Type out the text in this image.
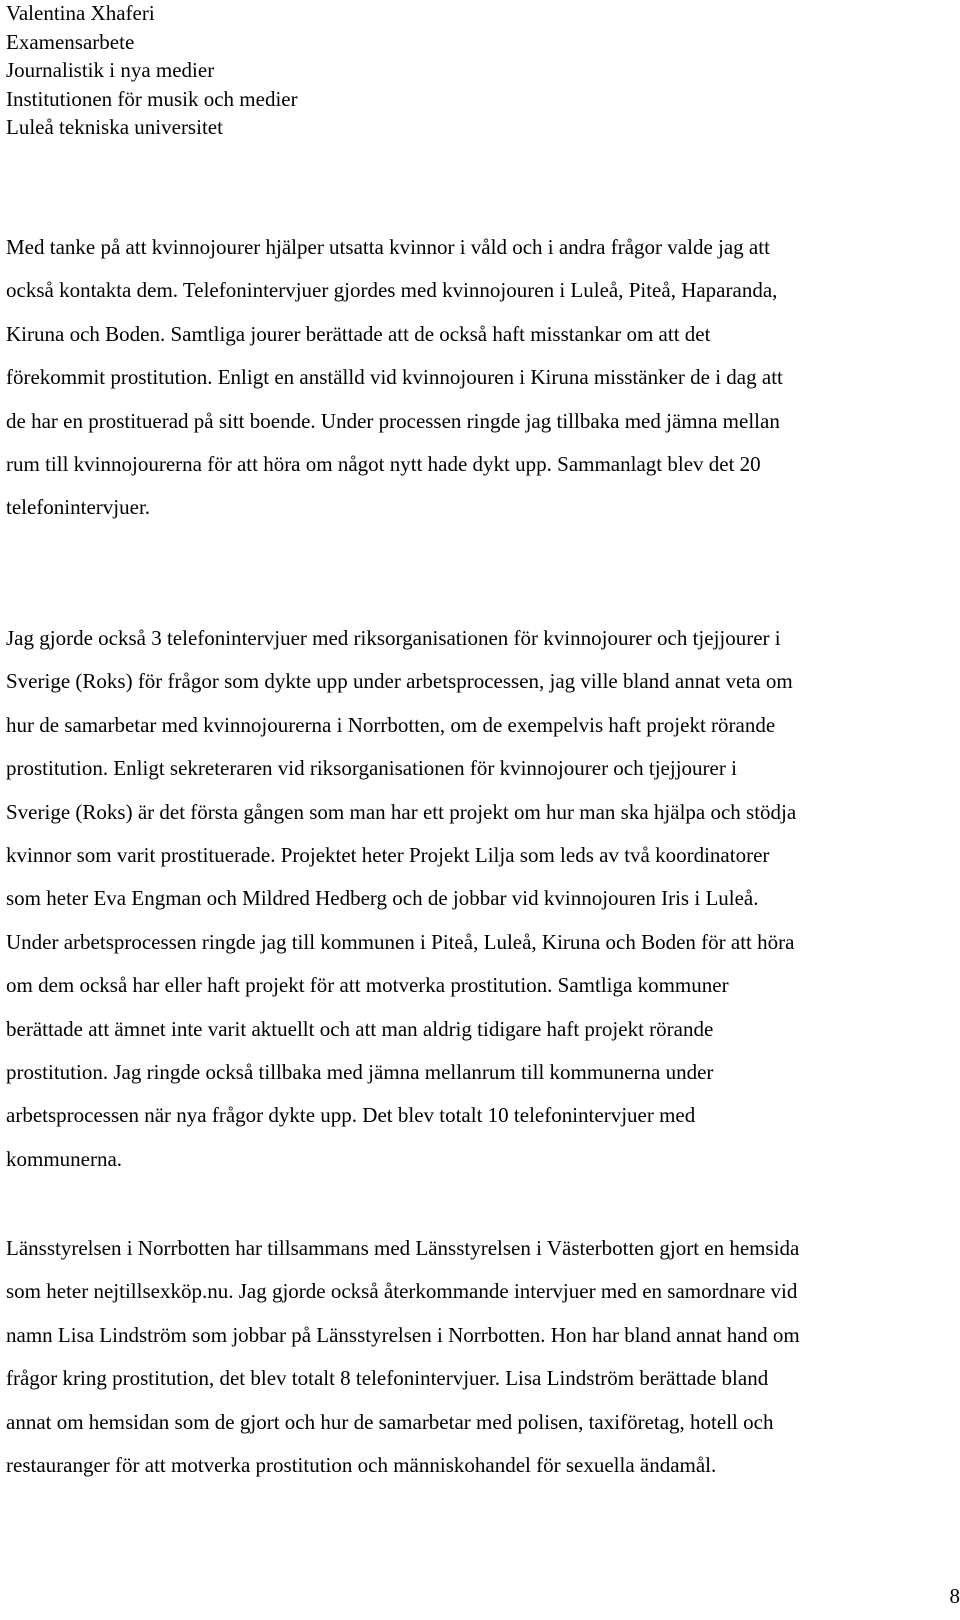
Valentina Xhaferi
Examensarbete
Journalistik i nya medier
Institutionen för musik och medier
Luleå tekniska universitet

Med tanke på att kvinnojourer hjälper utsatta kvinnor i våld och i andra frågor valde jag att
också kontakta dem. Telefonintervjuer gjordes med kvinnojouren i Luleå, Piteå, Haparanda,
Kiruna och Boden. Samtliga jourer berättade att de också haft misstankar om att det
förekommit prostitution. Enligt en anställd vid kvinnojouren i Kiruna misstänker de i dag att
de har en prostituerad på sitt boende. Under processen ringde jag tillbaka med jämna mellan
rum till kvinnojourerna för att höra om något nytt hade dykt upp. Sammanlagt blev det 20
telefonintervjuer.

Jag gjorde också 3 telefonintervjuer med riksorganisationen för kvinnojourer och tjejjourer i
Sverige (Roks) för frågor som dykte upp under arbetsprocessen, jag ville bland annat veta om
hur de samarbetar med kvinnojourerna i Norrbotten, om de exempelvis haft projekt rörande
prostitution. Enligt sekreteraren vid riksorganisationen för kvinnojourer och tjejjourer i
Sverige (Roks) är det första gången som man har ett projekt om hur man ska hjälpa och stödja
kvinnor som varit prostituerade. Projektet heter Projekt Lilja som leds av två koordinatorer
som heter Eva Engman och Mildred Hedberg och de jobbar vid kvinnojouren Iris i Luleå.
Under arbetsprocessen ringde jag till kommunen i Piteå, Luleå, Kiruna och Boden för att höra
om dem också har eller haft projekt för att motverka prostitution. Samtliga kommuner
berättade att ämnet inte varit aktuellt och att man aldrig tidigare haft projekt rörande
prostitution. Jag ringde också tillbaka med jämna mellanrum till kommunerna under
arbetsprocessen när nya frågor dykte upp. Det blev totalt 10 telefonintervjuer med
kommunerna.

Länsstyrelsen i Norrbotten har tillsammans med Länsstyrelsen i Västerbotten gjort en hemsida
som heter nejtillsexköp.nu. Jag gjorde också återkommande intervjuer med en samordnare vid
namn Lisa Lindström som jobbar på Länsstyrelsen i Norrbotten. Hon har bland annat hand om
frågor kring prostitution, det blev totalt 8 telefonintervjuer. Lisa Lindström berättade bland
annat om hemsidan som de gjort och hur de samarbetar med polisen, taxiföretag, hotell och
restauranger för att motverka prostitution och människohandel för sexuella ändamål.

8
